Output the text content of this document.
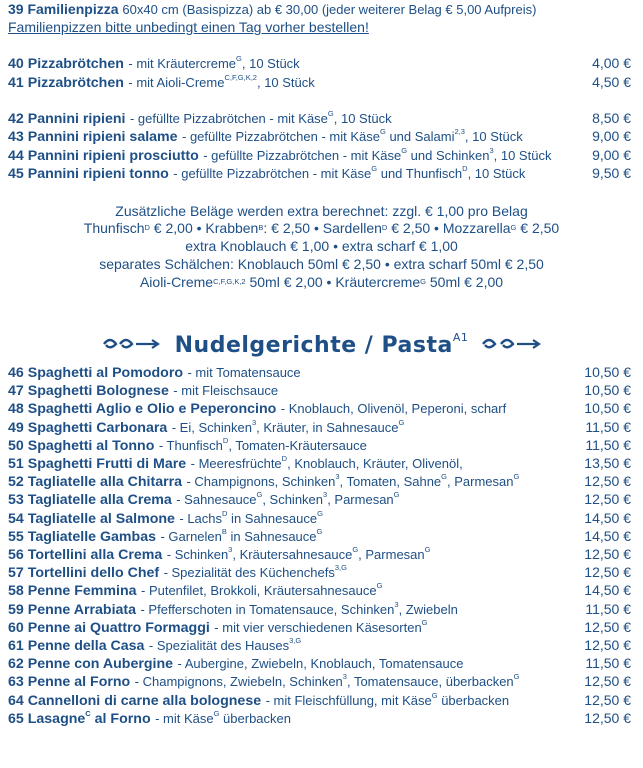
39 Familienpizza 60x40 cm (Basispizza) ab € 30,00 (jeder weiterer Belag € 5,00 Aufpreis)
Familienpizzen bitte unbedingt einen Tag vorher bestellen!
40 Pizzabrötchen - mit Kräutercreme$^G$, 10 Stück	4,00 €
41 Pizzabrötchen - mit Aioli-Creme$^{C,F,G,K,2}$, 10 Stück	4,50 €
42 Pannini ripieni - gefüllte Pizzabrötchen - mit Käse$^G$, 10 Stück	8,50 €
43 Pannini ripieni salame - gefüllte Pizzabrötchen - mit Käse$^G$ und Salami$^{2,3}$, 10 Stück	9,00 €
44 Pannini ripieni prosciutto - gefüllte Pizzabrötchen - mit Käse$^G$ und Schinken$^3$, 10 Stück	9,00 €
45 Pannini ripieni tonno - gefüllte Pizzabrötchen - mit Käse$^G$ und Thunfisch$^D$, 10 Stück	9,50 €
Zusätzliche Beläge werden extra berechnet: zzgl. € 1,00 pro Belag
Thunfisch$^D$ € 2,00 • Krabben$^B$: € 2,50 • Sardellen$^D$ € 2,50 • Mozzarella$^G$ € 2,50
extra Knoblauch € 1,00 • extra scharf € 1,00
separates Schälchen: Knoblauch 50ml € 2,50 • extra scharf 50ml € 2,50
Aioli-Creme$^{C,F,G,K,2}$ 50ml € 2,00 • Kräutercreme$^G$ 50ml € 2,00
Nudelgerichte / Pasta$^{A1}$
46 Spaghetti al Pomodoro - mit Tomatensauce	10,50 €
47 Spaghetti Bolognese - mit Fleischsauce	10,50 €
48 Spaghetti Aglio e Olio e Peperoncino - Knoblauch, Olivenöl, Peperoni, scharf	10,50 €
49 Spaghetti Carbonara - Ei, Schinken$^3$, Kräuter, in Sahnesauce$^G$	11,50 €
50 Spaghetti al Tonno - Thunfisch$^D$, Tomaten-Kräutersauce	11,50 €
51 Spaghetti Frutti di Mare - Meeresfrüchte$^D$, Knoblauch, Kräuter, Olivenöl,	13,50 €
52 Tagliatelle alla Chitarra - Champignons, Schinken$^3$, Tomaten, Sahne$^G$, Parmesan$^G$	12,50 €
53 Tagliatelle alla Crema - Sahnesauce$^G$, Schinken$^3$, Parmesan$^G$	12,50 €
54 Tagliatelle al Salmone - Lachs$^D$ in Sahnesauce$^G$	14,50 €
55 Tagliatelle Gambas - Garnelen$^B$ in Sahnesauce$^G$	14,50 €
56 Tortellini alla Crema - Schinken$^3$, Kräutersahnesauce$^G$, Parmesan$^G$	12,50 €
57 Tortellini dello Chef - Spezialität des Küchenchefs$^{3,G}$	12,50 €
58 Penne Femmina - Putenfilet, Brokkoli, Kräutersahnesauce$^G$	14,50 €
59 Penne Arrabiata - Pfefferschoten in Tomatensauce, Schinken$^3$, Zwiebeln	11,50 €
60 Penne ai Quattro Formaggi - mit vier verschiedenen Käsesorten$^G$	12,50 €
61 Penne della Casa - Spezialität des Hauses$^{3,G}$	12,50 €
62 Penne con Aubergine - Aubergine, Zwiebeln, Knoblauch, Tomatensauce	11,50 €
63 Penne al Forno - Champignons, Zwiebeln, Schinken$^3$, Tomatensauce, überbacken$^G$	12,50 €
64 Cannelloni di carne alla bolognese - mit Fleischfüllung, mit Käse$^G$ überbacken	12,50 €
65 Lasagne$^C$ al Forno - mit Käse$^G$ überbacken	12,50 €
